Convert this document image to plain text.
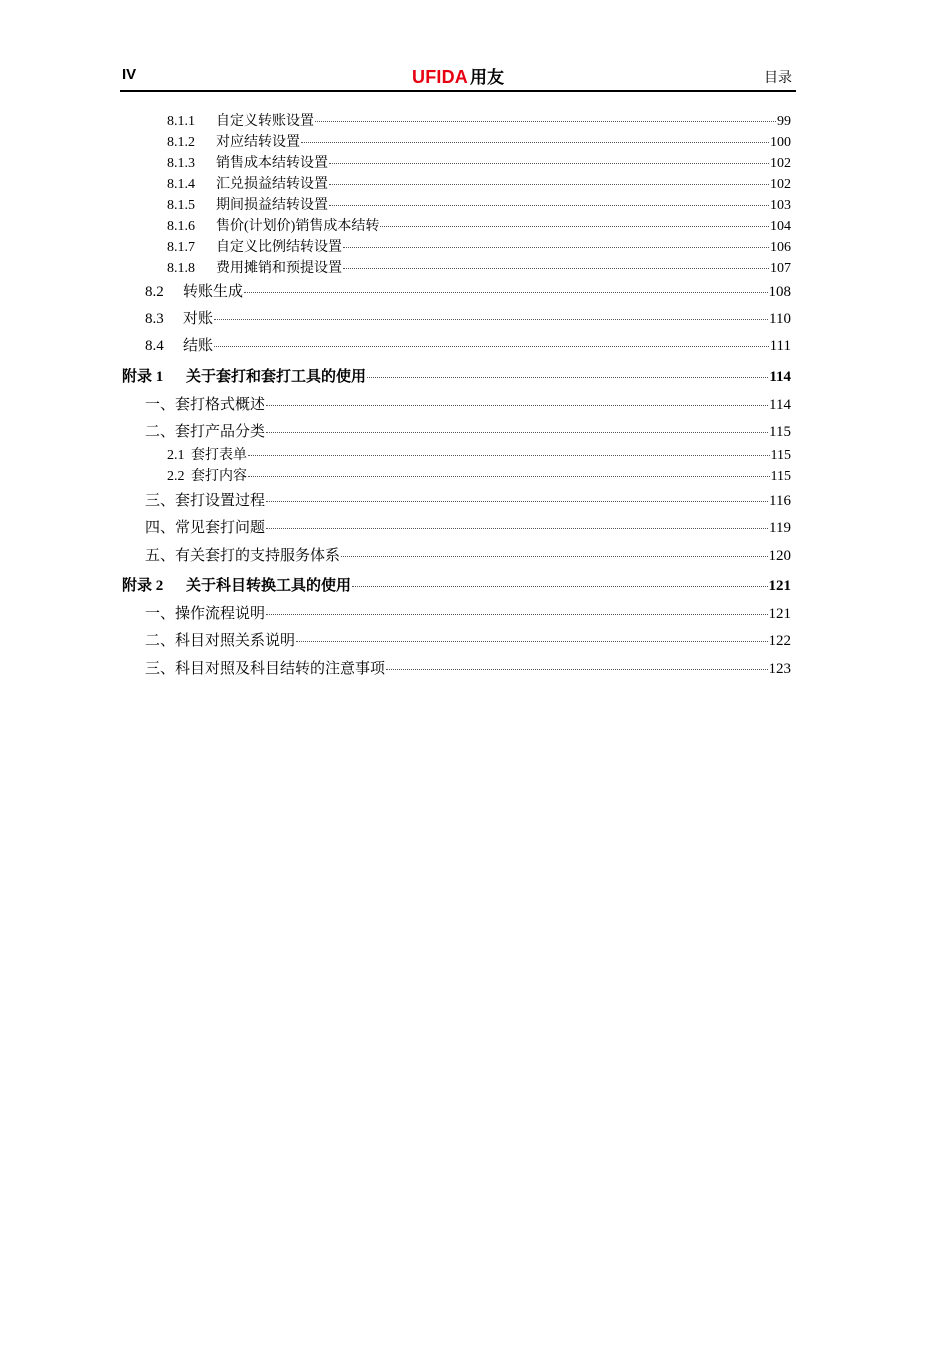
IV	UFIDA 用友	目录
8.1.1 自定义转账设置	99
8.1.2 对应结转设置	100
8.1.3 销售成本结转设置	102
8.1.4 汇兑损益结转设置	102
8.1.5 期间损益结转设置	103
8.1.6 售价(计划价)销售成本结转	104
8.1.7 自定义比例结转设置	106
8.1.8 费用摊销和预提设置	107
8.2 转账生成	108
8.3 对账	110
8.4 结账	111
附录 1 关于套打和套打工具的使用	114
一、套打格式概述	114
二、套打产品分类	115
2.1 套打表单	115
2.2 套打内容	115
三、套打设置过程	116
四、常见套打问题	119
五、有关套打的支持服务体系	120
附录 2 关于科目转换工具的使用	121
一、操作流程说明	121
二、科目对照关系说明	122
三、科目对照及科目结转的注意事项	123
